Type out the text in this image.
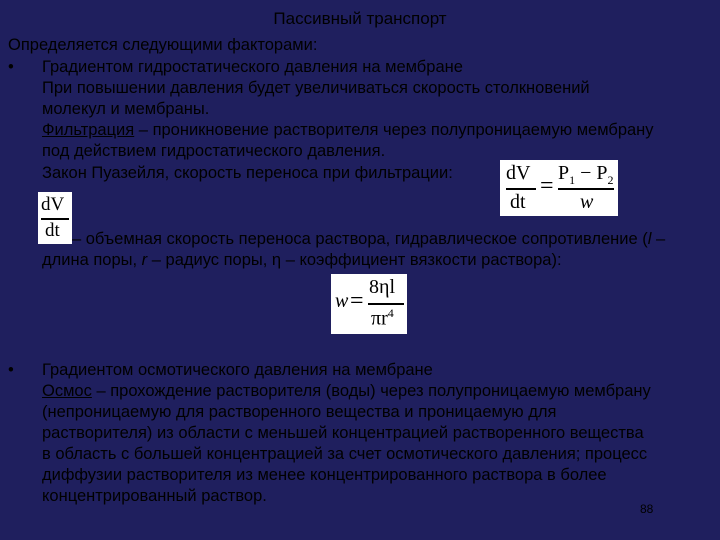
Пассивный транспорт
Определяется следующими факторами:
• Градиентом гидростатического давления на мембране
При повышении давления будет увеличиваться скорость столкновений
молекул и мембраны.
Фильтрация – проникновение растворителя через полупроницаемую мембрану
под действием гидростатического давления.
Закон Пуазейля, скорость переноса при фильтрации:	dV
dt
= $P_1 - P_2$
w
dV
dt – объемная скорость переноса раствора, гидравлическое сопротивление (l –
длина поры, r – радиус поры, η – коэффициент вязкости раствора):
w =
8ηl
$\pi r^4$
• Градиентом осмотического давления на мембране
Осмос – прохождение растворителя (воды) через полупроницаемую мембрану
(непроницаемую для растворенного вещества и проницаемую для
растворителя) из области с меньшей концентрацией растворенного вещества
в область с большей концентрацией за счет осмотического давления; процесс
диффузии растворителя из менее концентрированного раствора в более
концентрированный раствор.
88
